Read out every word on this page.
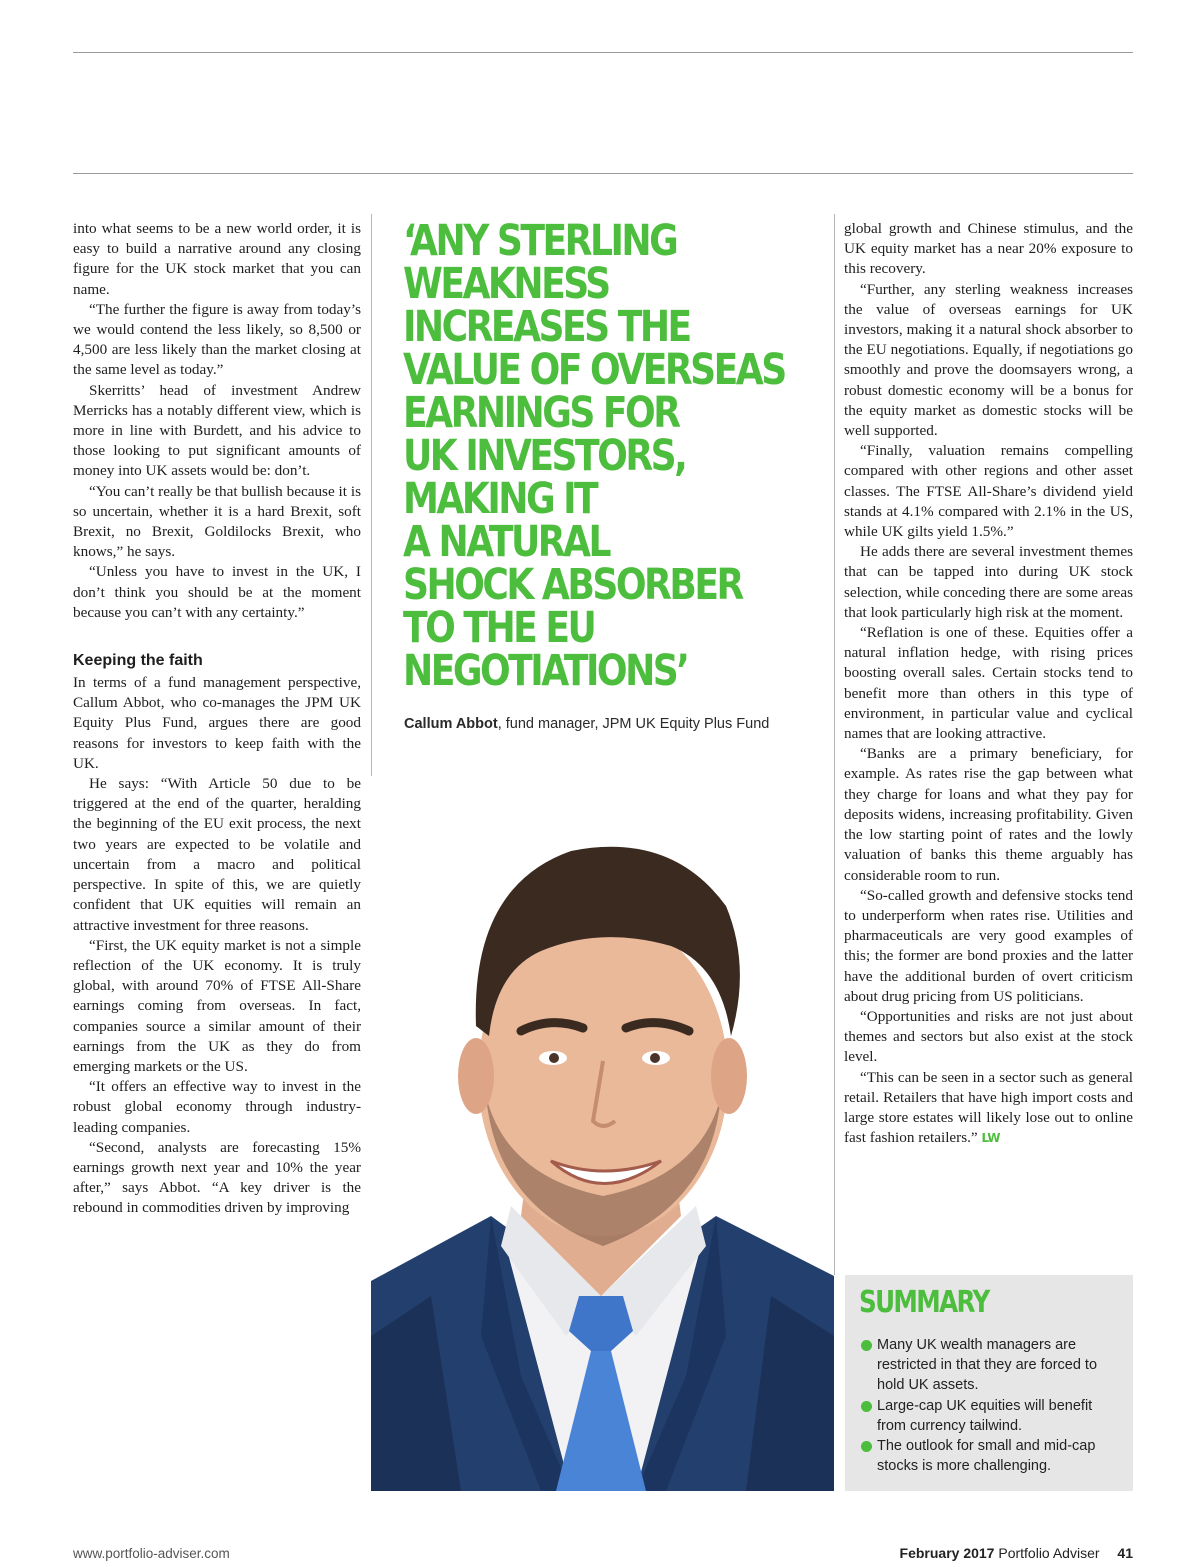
into what seems to be a new world order, it is easy to build a narrative around any closing figure for the UK stock market that you can name.

“The further the figure is away from today’s we would contend the less likely, so 8,500 or 4,500 are less likely than the market closing at the same level as today.”

Skerritts’ head of investment Andrew Merricks has a notably different view, which is more in line with Burdett, and his advice to those looking to put significant amounts of money into UK assets would be: don’t.

“You can’t really be that bullish because it is so uncertain, whether it is a hard Brexit, soft Brexit, no Brexit, Goldilocks Brexit, who knows,” he says.

“Unless you have to invest in the UK, I don’t think you should be at the moment because you can’t with any certainty.”

Keeping the faith

In terms of a fund management perspective, Callum Abbot, who co-manages the JPM UK Equity Plus Fund, argues there are good reasons for investors to keep faith with the UK.

He says: “With Article 50 due to be triggered at the end of the quarter, heralding the beginning of the EU exit process, the next two years are expected to be volatile and uncertain from a macro and political perspective. In spite of this, we are quietly confident that UK equities will remain an attractive investment for three reasons.

“First, the UK equity market is not a simple reflection of the UK economy. It is truly global, with around 70% of FTSE All-Share earnings coming from overseas. In fact, companies source a similar amount of their earnings from the UK as they do from emerging markets or the US.

“It offers an effective way to invest in the robust global economy through industry-leading companies.

“Second, analysts are forecasting 15% earnings growth next year and 10% the year after,” says Abbot. “A key driver is the rebound in commodities driven by improving

‘ANY STERLING
WEAKNESS
INCREASES THE
VALUE OF OVERSEAS
EARNINGS FOR
UK INVESTORS,
MAKING IT
A NATURAL
SHOCK ABSORBER
TO THE EU
NEGOTIATIONS’
Callum Abbot, fund manager, JPM UK Equity Plus Fund

global growth and Chinese stimulus, and the UK equity market has a near 20% exposure to this recovery.

“Further, any sterling weakness increases the value of overseas earnings for UK investors, making it a natural shock absorber to the EU negotiations. Equally, if negotiations go smoothly and prove the doomsayers wrong, a robust domestic economy will be a bonus for the equity market as domestic stocks will be well supported.

“Finally, valuation remains compelling compared with other regions and other asset classes. The FTSE All-Share’s dividend yield stands at 4.1% compared with 2.1% in the US, while UK gilts yield 1.5%.”

He adds there are several investment themes that can be tapped into during UK stock selection, while conceding there are some areas that look particularly high risk at the moment.

“Reflation is one of these. Equities offer a natural inflation hedge, with rising prices boosting overall sales. Certain stocks tend to benefit more than others in this type of environment, in particular value and cyclical names that are looking attractive.

“Banks are a primary beneficiary, for example. As rates rise the gap between what they charge for loans and what they pay for deposits widens, increasing profitability. Given the low starting point of rates and the lowly valuation of banks this theme arguably has considerable room to run.

“So-called growth and defensive stocks tend to underperform when rates rise. Utilities and pharmaceuticals are very good examples of this; the former are bond proxies and the latter have the additional burden of overt criticism about drug pricing from US politicians.

“Opportunities and risks are not just about themes and sectors but also exist at the stock level.

“This can be seen in a sector such as general retail. Retailers that have high import costs and large store estates will likely lose out to online fast fashion retailers.” LW

SUMMARY
Many UK wealth managers are restricted in that they are forced to hold UK assets.
Large-cap UK equities will benefit from currency tailwind.
The outlook for small and mid-cap stocks is more challenging.
www.portfolio-adviser.com	February 2017 Portfolio Adviser 41
